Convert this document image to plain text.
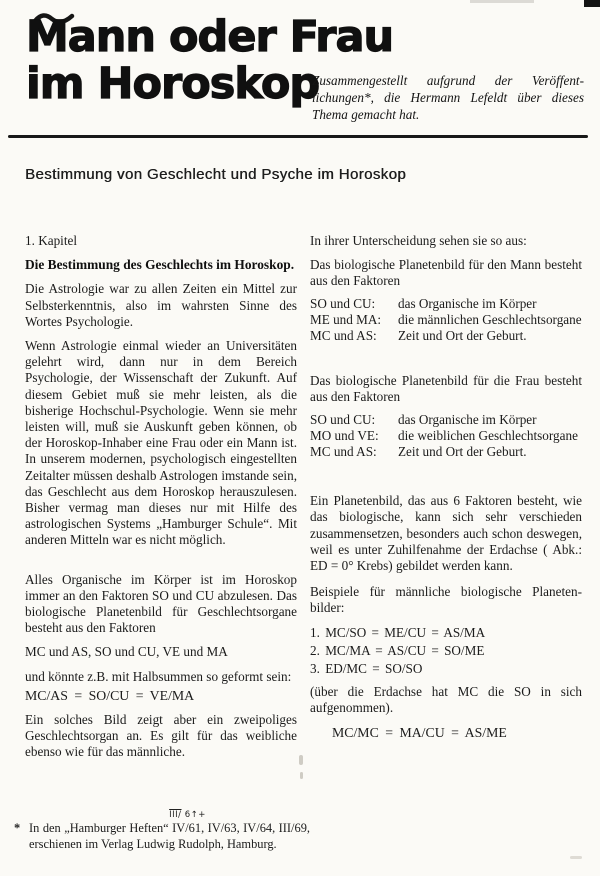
Mann oder Frau
im Horoskop
Zusammengestellt aufgrund der Veröffentlichungen*, die Hermann Lefeldt über dieses Thema gemacht hat.
Bestimmung von Geschlecht und Psyche im Horoskop

1. Kapitel

Die Bestimmung des Geschlechts im Horoskop.

Die Astrologie war zu allen Zeiten ein Mittel zur Selbsterkenntnis, also im wahrsten Sinne des Wortes Psychologie.

Wenn Astrologie einmal wieder an Universitäten gelehrt wird, dann nur in dem Bereich Psychologie, der Wissenschaft der Zukunft. Auf diesem Gebiet muß sie mehr leisten, als die bisherige Hochschul-Psychologie. Wenn sie mehr leisten will, muß sie Auskunft geben können, ob der Horoskop-Inhaber eine Frau oder ein Mann ist. In unserem modernen, psychologisch eingestellten Zeitalter müssen deshalb Astrologen imstande sein, das Geschlecht aus dem Horoskop herauszulesen. Bisher vermag man dieses nur mit Hilfe des astrologischen Systems „Hamburger Schule“. Mit anderen Mitteln war es nicht möglich.

Alles Organische im Körper ist im Horoskop immer an den Faktoren SO und CU abzulesen. Das biologische Planetenbild für Geschlechtsorgane besteht aus den Faktoren

MC und AS, SO und CU, VE und MA

und könnte z.B. mit Halbsummen so geformt sein:

MC/AS = SO/CU = VE/MA

Ein solches Bild zeigt aber ein zweipoliges Geschlechtsorgan an. Es gilt für das weibliche ebenso wie für das männliche.

In ihrer Unterscheidung sehen sie so aus:

Das biologische Planetenbild für den Mann besteht aus den Faktoren

SO und CU:	das Organische im Körper
ME und MA:	die männlichen Geschlechtsorgane
MC und AS:	Zeit und Ort der Geburt.

Das biologische Planetenbild für die Frau besteht aus den Faktoren

SO und CU:	das Organische im Körper
MO und VE:	die weiblichen Geschlechtsorgane
MC und AS:	Zeit und Ort der Geburt.

Ein Planetenbild, das aus 6 Faktoren besteht, wie das biologische, kann sich sehr verschieden zusammensetzen, besonders auch schon deswegen, weil es unter Zuhilfenahme der Erdachse ( Abk.: ED = 0° Krebs) gebildet werden kann.

Beispiele für männliche biologische Planetenbilder:

1. MC/SO = ME/CU = AS/MA
2. MC/MA = AS/CU = SO/ME
3. ED/MC = SO/SO

(über die Erdachse hat MC die SO in sich aufgenommen).

MC/MC = MA/CU = AS/ME

* In den „Hamburger Heften“ IV/61
III/ 6↑+
, IV/63, IV/64, III/69, erschienen im Verlag Ludwig Rudolph, Hamburg.
